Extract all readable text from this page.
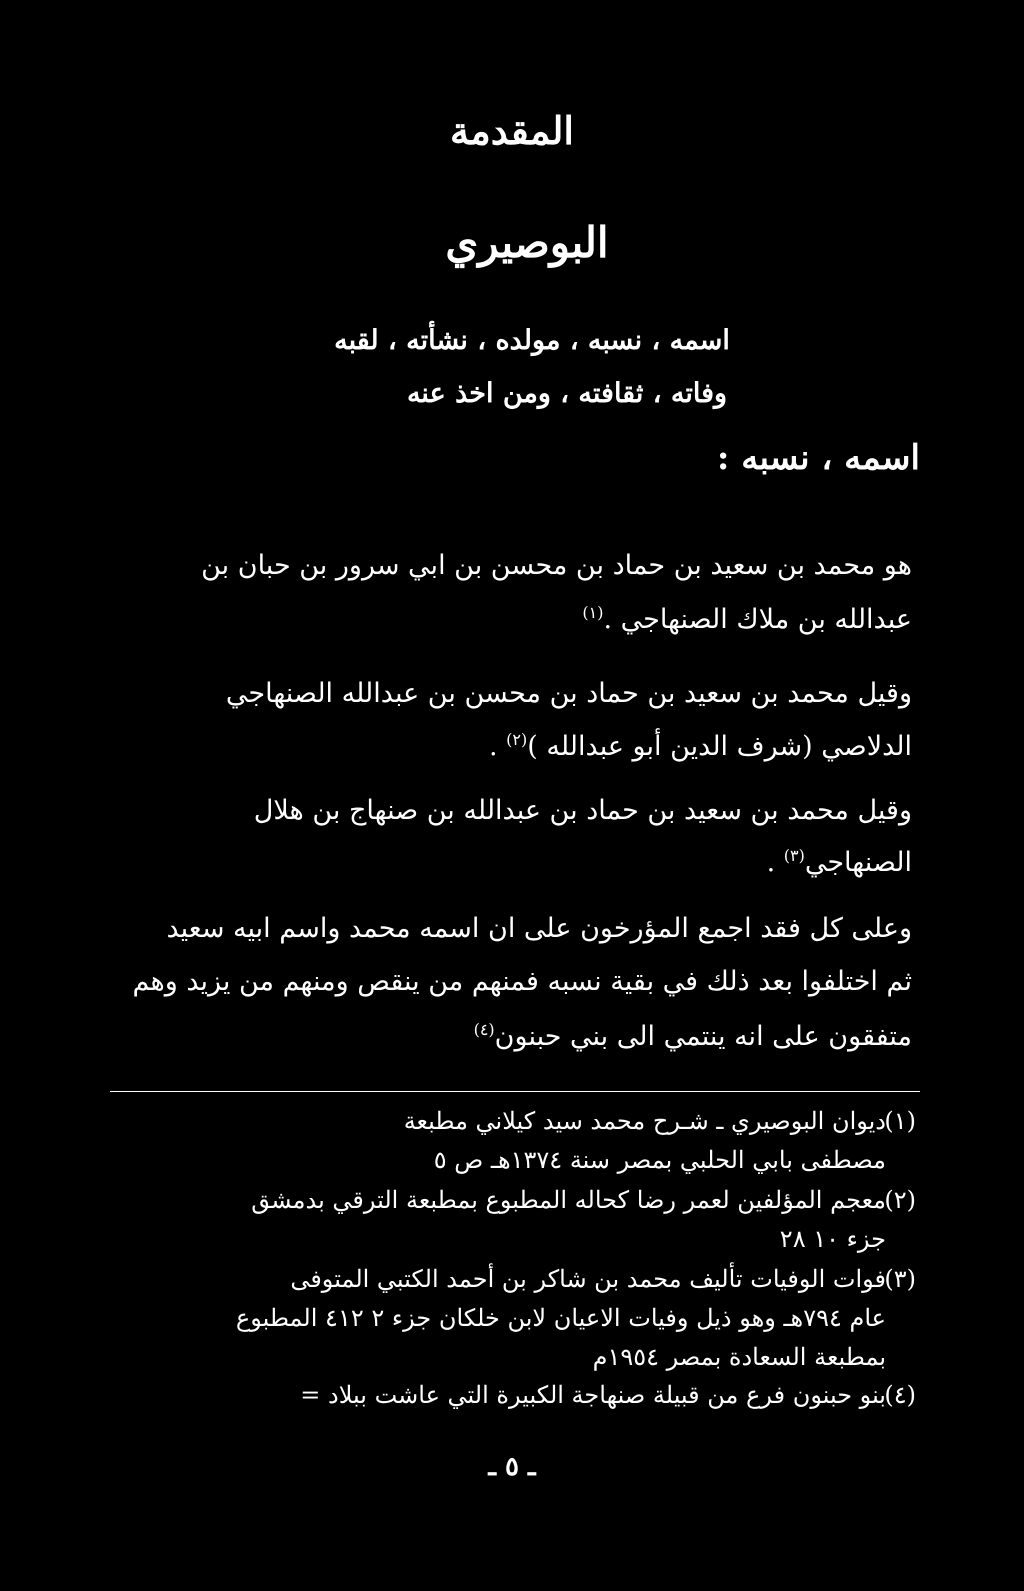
المقدمة
البوصيري
اسمه ، نسبه ، مولده ، نشأته ، لقبه
وفاته ، ثقافته ، ومن اخذ عنه
اسمه ، نسبه :
هو محمد بن سعيد بن حماد بن محسن بن ابي سرور بن حبان بن
عبدالله بن ملاك الصنهاجي .$^{(١)}$
وقيل محمد بن سعيد بن حماد بن محسن بن عبدالله الصنهاجي
الدلاصي (شرف الدين أبو عبدالله )$^{(٢)}$ .
وقيل محمد بن سعيد بن حماد بن عبدالله بن صنهاج بن هلال
الصنهاجي$^{(٣)}$ .
وعلى كل فقد اجمع المؤرخون على ان اسمه محمد واسم ابيه سعيد
ثم اختلفوا بعد ذلك في بقية نسبه فمنهم من ينقص ومنهم من يزيد وهم
متفقون على انه ينتمي الى بني حبنون$^{(٤)}$
(١)
ديوان البوصيري ـ شـرح محمد سيد كيلاني مطبعة
مصطفى بابي الحلبي بمصر سنة ١٣٧٤هـ ص ٥
(٢)
معجم المؤلفين لعمر رضا كحاله المطبوع بمطبعة الترقي بدمشق
جزء ١٠ ٢٨
(٣)
فوات الوفيات تأليف محمد بن شاكر بن أحمد الكتبي المتوفى
عام ٧٩٤هـ وهو ذيل وفيات الاعيان لابن خلكان جزء ٢ ٤١٢ المطبوع
بمطبعة السعادة بمصر ١٩٥٤م
(٤)
بنو حبنون فرع من قبيلة صنهاجة الكبيرة التي عاشت ببلاد =
ـ ٥ ـ
